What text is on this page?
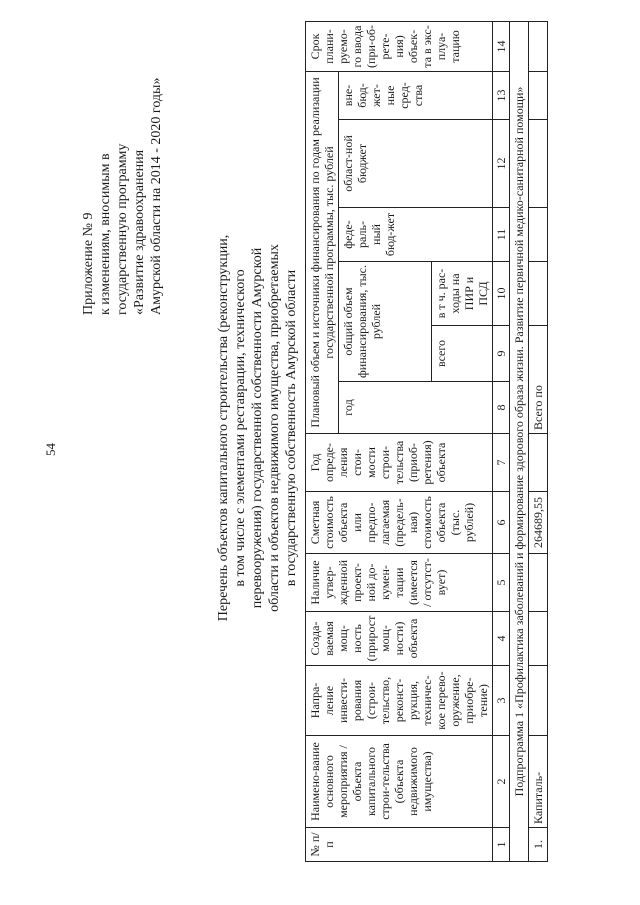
54
Приложение № 9 к изменениям, вносимым в государственную программу «Развитие здравоохранения Амурской области на 2014 - 2020 годы»
Перечень объектов капитального строительства (реконструкции, в том числе с элементами реставрации, технического перевооружения) государственной собственности Амурской области и объектов недвижимого имущества, приобретаемых в государственную собственность Амурской области
№ п/п	Наимено-вание основного мероприятия / объекта капитального строи-тельства (объекта недвижимого имущества)	Напра-ление инвести-рования (строи-тельство, реконст-рукция, техничес-кое перево-оружение, приобре-тение)	Созда-ваемая мощ-ность (прирост мощ-ности) объекта	Наличие утвер-жденной проект-ной до-кумен-тации (имеется / отсутст-вует)	Сметная стоимость объекта или предпо-лагаемая (предель-ная) стоимость объекта (тыс. рублей)	Год опреде-ления стои-мости строи-тельства (приоб-ретения) объекта	Плановый объем и источники финансирования по годам реализации государственной программы, тыс. рублей						Срок плани-руемо-го ввода (при-об-рете-ния) объек-та в экс-плуа-тацию
							год	общий объем финансирования, тыс. рублей		феде-раль-ный бюд-жет	област-ной бюджет	вне-бюд-жет-ные сред-ства	
								всего	в т ч. рас-ходы на ПИР и ПСД				
1	2	3	4	5	6	7	8	9	10	11	12	13	14
Подпрограмма 1 «Профилактика заболеваний и формирование здорового образа жизни. Развитие первичной медико-санитарной помощи»													
1.	Капиталь-				264689,55		Всего по						
